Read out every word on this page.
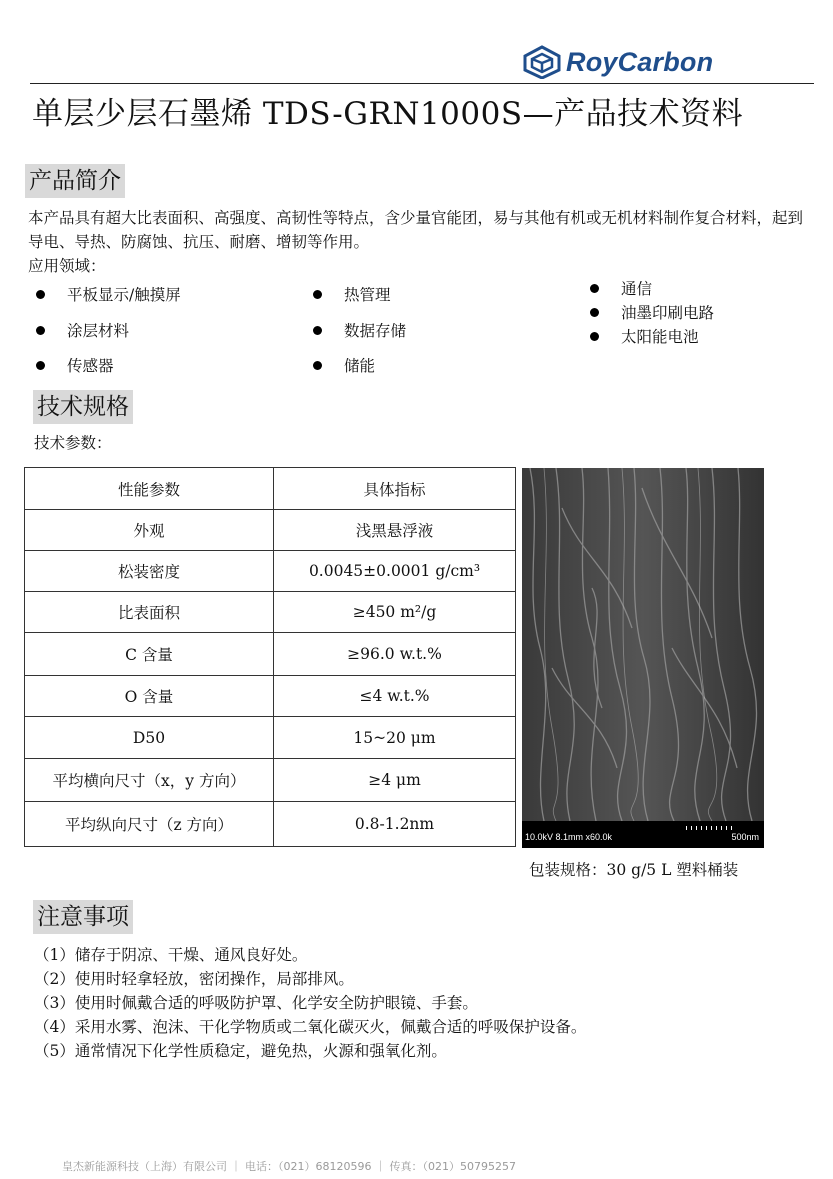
RoyCarbon
单层少层石墨烯 TDS-GRN1000S—产品技术资料
产品简介
本产品具有超大比表面积、高强度、高韧性等特点，含少量官能团，易与其他有机或无机材料制作复合材料，起到导电、导热、防腐蚀、抗压、耐磨、增韧等作用。
应用领域：
平板显示/触摸屏
涂层材料
传感器
热管理
数据存储
储能
通信
油墨印刷电路
太阳能电池
技术规格
技术参数：
性能参数	具体指标
外观	浅黑悬浮液
松装密度	0.0045±0.0001 g/cm³
比表面积	≥450 m²/g
C 含量	≥96.0 w.t.%
O 含量	≤4 w.t.%
D50	15~20 μm
平均横向尺寸（x，y 方向）	≥4 μm
平均纵向尺寸（z 方向）	0.8-1.2nm
10.0kV 8.1mm x60.0k	500nm
包装规格：30 g/5 L 塑料桶装
注意事项
（1）储存于阴凉、干燥、通风良好处。
（2）使用时轻拿轻放，密闭操作，局部排风。
（3）使用时佩戴合适的呼吸防护罩、化学安全防护眼镜、手套。
（4）采用水雾、泡沫、干化学物质或二氧化碳灭火，佩戴合适的呼吸保护设备。
（5）通常情况下化学性质稳定，避免热，火源和强氧化剂。
皇杰新能源科技（上海）有限公司 ｜ 电话：（021）68120596 ｜ 传真：（021）50795257
